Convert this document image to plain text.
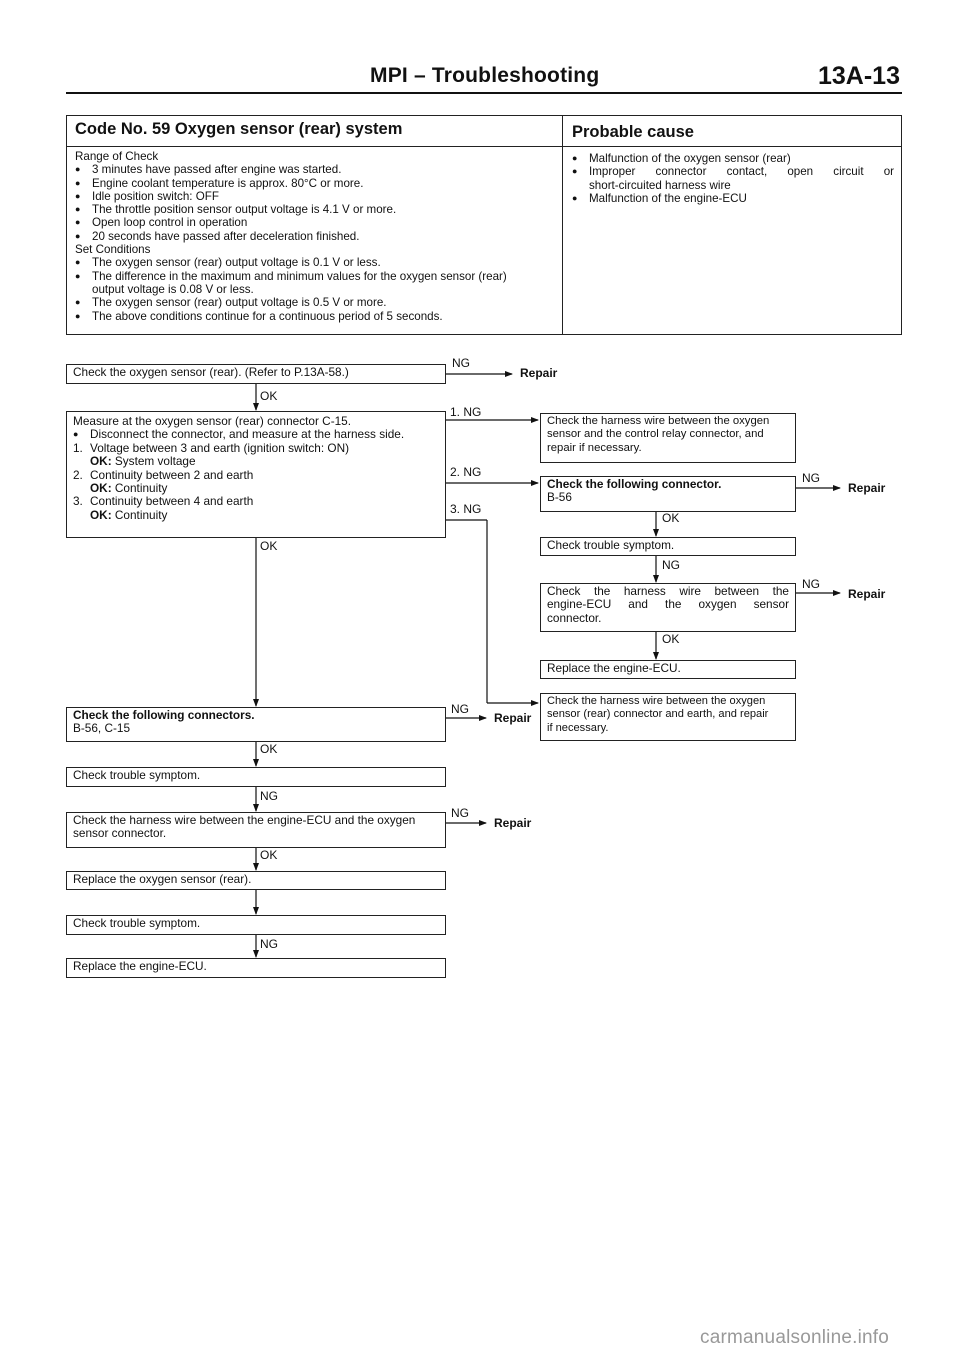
MPI – Troubleshooting	13A-13
Code No. 59 Oxygen sensor (rear) system	Probable cause
Range of Check
● 3 minutes have passed after engine was started.
● Engine coolant temperature is approx. 80°C or more.
● Idle position switch: OFF
● The throttle position sensor output voltage is 4.1 V or more.
● Open loop control in operation
● 20 seconds have passed after deceleration finished.
Set Conditions
● The oxygen sensor (rear) output voltage is 0.1 V or less.
● The difference in the maximum and minimum values for the oxygen sensor (rear)
output voltage is 0.08 V or less.
● The oxygen sensor (rear) output voltage is 0.5 V or more.
● The above conditions continue for a continuous period of 5 seconds.
● Malfunction of the oxygen sensor (rear)
● Improper connector contact, open circuit or
short-circuited harness wire
● Malfunction of the engine-ECU
Check the oxygen sensor (rear). (Refer to P.13A-58.)
Measure at the oxygen sensor (rear) connector C-15.
● Disconnect the connector, and measure at the harness side.
1. Voltage between 3 and earth (ignition switch: ON)
OK: System voltage
2. Continuity between 2 and earth
OK: Continuity
3. Continuity between 4 and earth
OK: Continuity
Check the harness wire between the oxygen
sensor and the control relay connector, and
repair if necessary.
Check the following connector.
B-56
Check trouble symptom.
Check the harness wire between the
engine-ECU and the oxygen sensor
connector.
Replace the engine-ECU.
Check the harness wire between the oxygen
sensor (rear) connector and earth, and repair
if necessary.
Check the following connectors.
B-56, C-15
Check trouble symptom.
Check the harness wire between the engine-ECU and the oxygen
sensor connector.
Replace the oxygen sensor (rear).
Check trouble symptom.
Replace the engine-ECU.
NG
Repair
OK
1. NG
2. NG
3. NG
NG
Repair
OK
OK
NG
NG
Repair
OK
NG
Repair
OK
NG
NG
Repair
OK
NG
carmanualsonline.info
